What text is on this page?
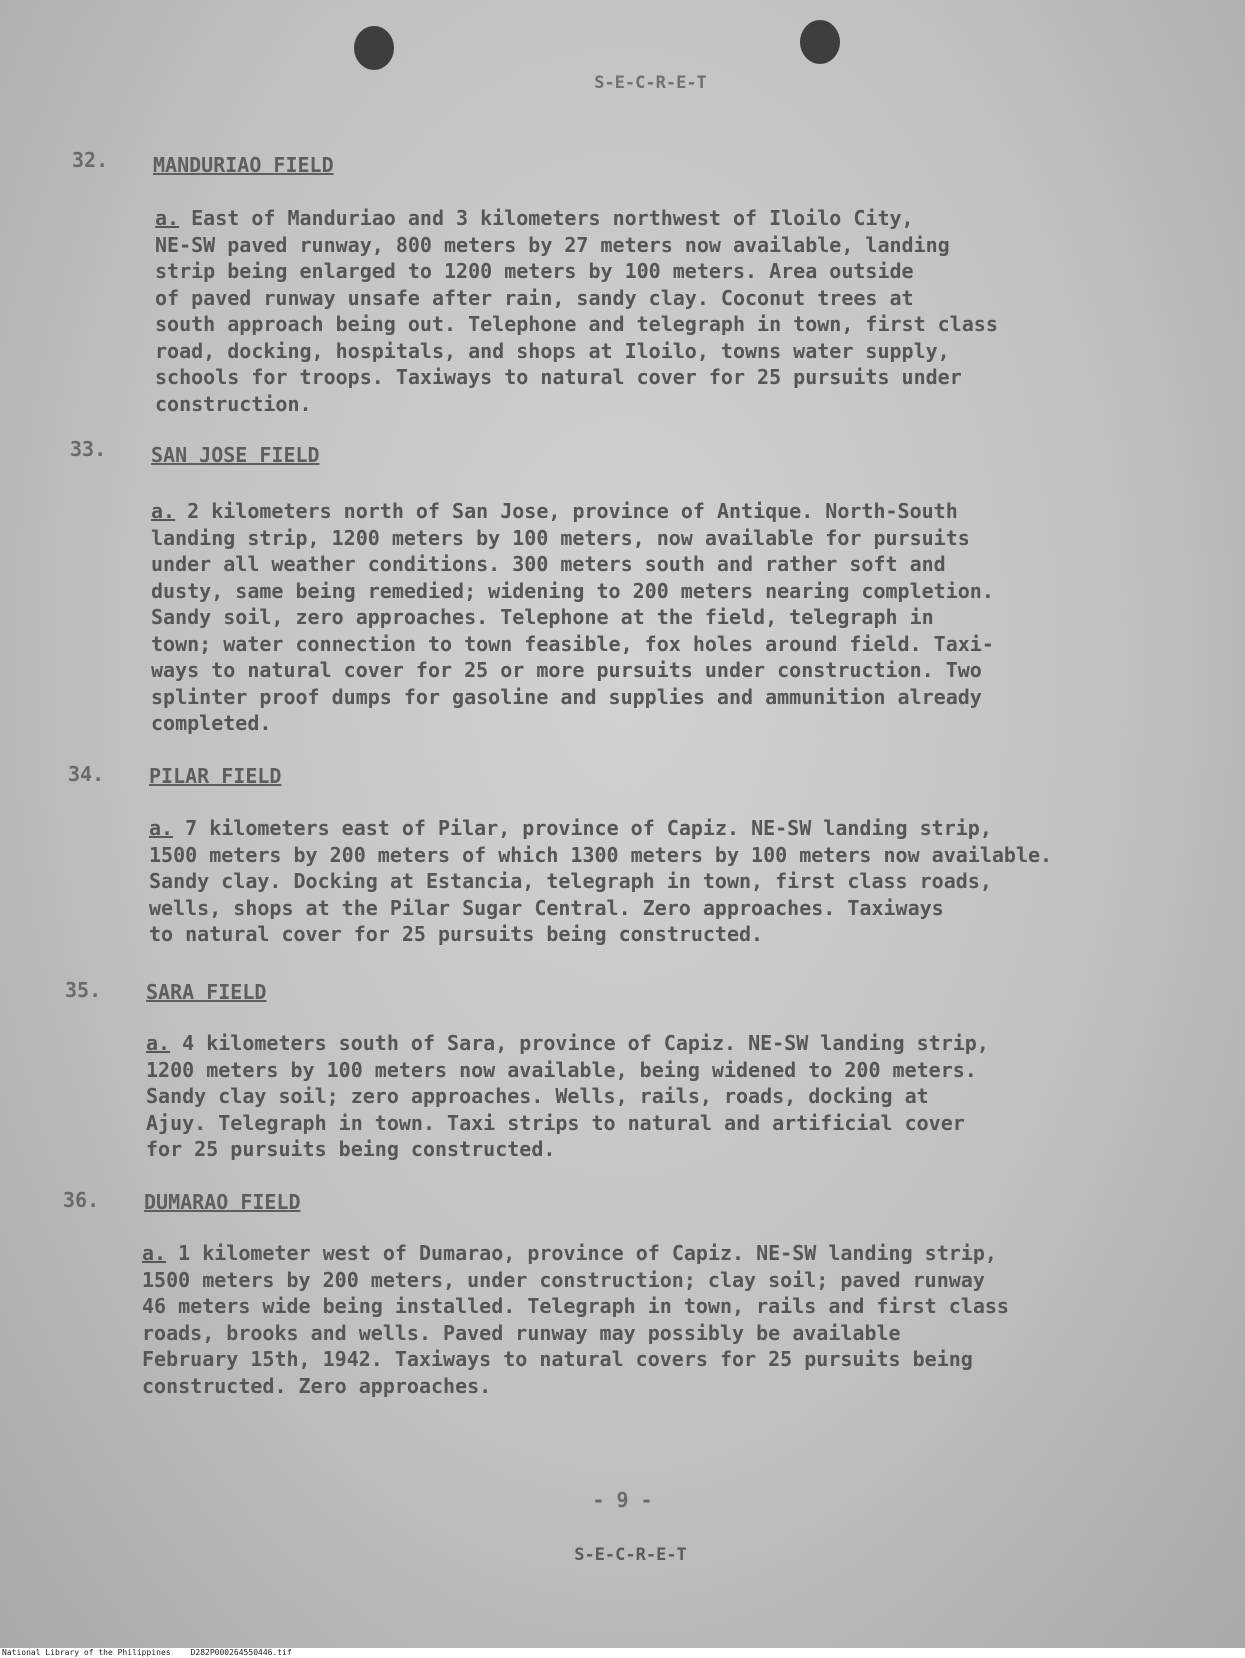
S-E-C-R-E-T
32. MANDURIAO FIELD
a. East of Manduriao and 3 kilometers northwest of Iloilo City,
NE-SW paved runway, 800 meters by 27 meters now available, landing
strip being enlarged to 1200 meters by 100 meters. Area outside
of paved runway unsafe after rain, sandy clay. Coconut trees at
south approach being out. Telephone and telegraph in town, first class
road, docking, hospitals, and shops at Iloilo, towns water supply,
schools for troops. Taxiways to natural cover for 25 pursuits under
construction.
33. SAN JOSE FIELD
a. 2 kilometers north of San Jose, province of Antique. North-South
landing strip, 1200 meters by 100 meters, now available for pursuits
under all weather conditions. 300 meters south and rather soft and
dusty, same being remedied; widening to 200 meters nearing completion.
Sandy soil, zero approaches. Telephone at the field, telegraph in
town; water connection to town feasible, fox holes around field. Taxi-
ways to natural cover for 25 or more pursuits under construction. Two
splinter proof dumps for gasoline and supplies and ammunition already
completed.
34. PILAR FIELD
a. 7 kilometers east of Pilar, province of Capiz. NE-SW landing strip,
1500 meters by 200 meters of which 1300 meters by 100 meters now available.
Sandy clay. Docking at Estancia, telegraph in town, first class roads,
wells, shops at the Pilar Sugar Central. Zero approaches. Taxiways
to natural cover for 25 pursuits being constructed.
35. SARA FIELD
a. 4 kilometers south of Sara, province of Capiz. NE-SW landing strip,
1200 meters by 100 meters now available, being widened to 200 meters.
Sandy clay soil; zero approaches. Wells, rails, roads, docking at
Ajuy. Telegraph in town. Taxi strips to natural and artificial cover
for 25 pursuits being constructed.
36. DUMARAO FIELD
a. 1 kilometer west of Dumarao, province of Capiz. NE-SW landing strip,
1500 meters by 200 meters, under construction; clay soil; paved runway
46 meters wide being installed. Telegraph in town, rails and first class
roads, brooks and wells. Paved runway may possibly be available
February 15th, 1942. Taxiways to natural covers for 25 pursuits being
constructed. Zero approaches.
- 9 -
S-E-C-R-E-T
National Library of the Philippines	D282P000264550446.tif
